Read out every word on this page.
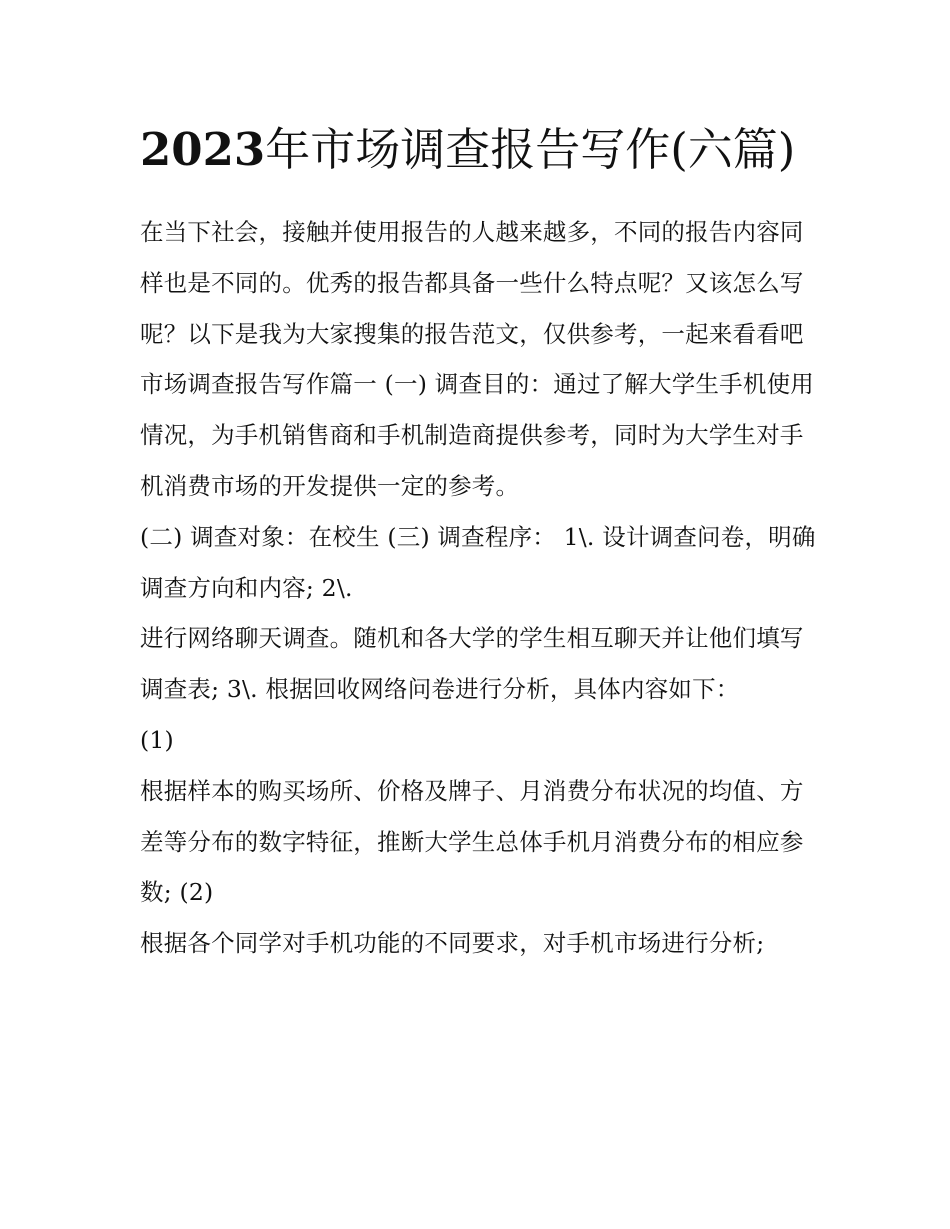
2023年市场调查报告写作(六篇)

在当下社会，接触并使用报告的人越来越多，不同的报告内容同样也是不同的。优秀的报告都具备一些什么特点呢？又该怎么写呢？以下是我为大家搜集的报告范文，仅供参考，一起来看看吧

市场调查报告写作篇一 (一) 调查目的：通过了解大学生手机使用情况，为手机销售商和手机制造商提供参考，同时为大学生对手机消费市场的开发提供一定的参考。

(二) 调查对象：在校生 (三) 调查程序： 1\. 设计调查问卷，明确调查方向和内容; 2\.

进行网络聊天调查。随机和各大学的学生相互聊天并让他们填写调查表; 3\. 根据回收网络问卷进行分析，具体内容如下：

(1)

根据样本的购买场所、价格及牌子、月消费分布状况的均值、方差等分布的数字特征，推断大学生总体手机月消费分布的相应参数; (2)

根据各个同学对手机功能的不同要求，对手机市场进行分析;
